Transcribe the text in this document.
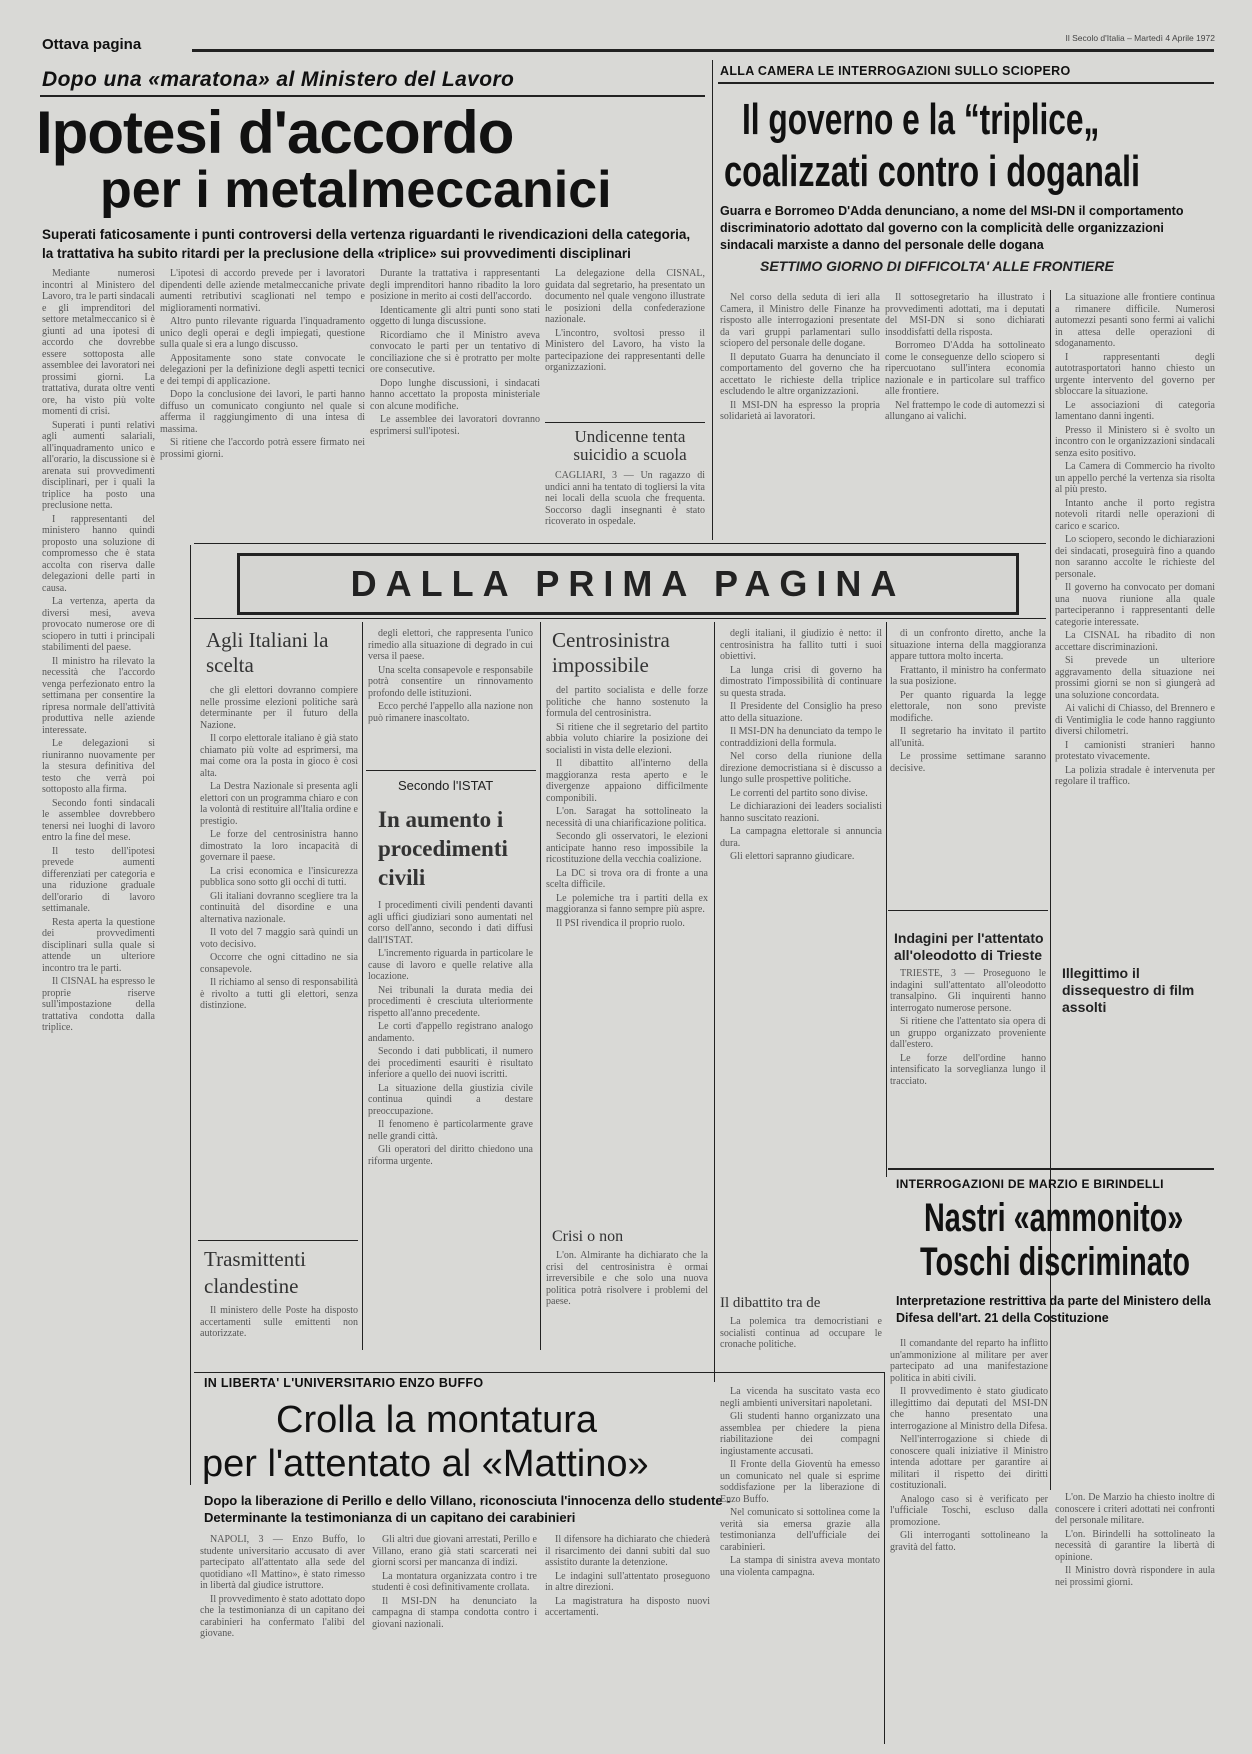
Ottava pagina	Il Secolo d'Italia – Martedì 4 Aprile 1972
Dopo una «maratona» al Ministero del Lavoro
Ipotesi d'accordo
per i metalmeccanici
Superati faticosamente i punti controversi della vertenza riguardanti le rivendicazioni della categoria, la trattativa ha subito ritardi per la preclusione della «triplice» sui provvedimenti disciplinari

Mediante numerosi incontri al Ministero del Lavoro, tra le parti sindacali e gli imprenditori del settore metalmeccanico si è giunti ad una ipotesi di accordo che dovrebbe essere sottoposta alle assemblee dei lavoratori nei prossimi giorni. La trattativa, durata oltre venti ore, ha visto più volte momenti di crisi.

Superati i punti relativi agli aumenti salariali, all'inquadramento unico e all'orario, la discussione si è arenata sui provvedimenti disciplinari, per i quali la triplice ha posto una preclusione netta.

I rappresentanti del ministero hanno quindi proposto una soluzione di compromesso che è stata accolta con riserva dalle delegazioni delle parti in causa.

La vertenza, aperta da diversi mesi, aveva provocato numerose ore di sciopero in tutti i principali stabilimenti del paese.

Il ministro ha rilevato la necessità che l'accordo venga perfezionato entro la settimana per consentire la ripresa normale dell'attività produttiva nelle aziende interessate.

Le delegazioni si riuniranno nuovamente per la stesura definitiva del testo che verrà poi sottoposto alla firma.

Secondo fonti sindacali le assemblee dovrebbero tenersi nei luoghi di lavoro entro la fine del mese.

Il testo dell'ipotesi prevede aumenti differenziati per categoria e una riduzione graduale dell'orario di lavoro settimanale.

Resta aperta la questione dei provvedimenti disciplinari sulla quale si attende un ulteriore incontro tra le parti.

Il CISNAL ha espresso le proprie riserve sull'impostazione della trattativa condotta dalla triplice.

L'ipotesi di accordo prevede per i lavoratori dipendenti delle aziende metalmeccaniche private aumenti retributivi scaglionati nel tempo e miglioramenti normativi.

Altro punto rilevante riguarda l'inquadramento unico degli operai e degli impiegati, questione sulla quale si era a lungo discusso.

Appositamente sono state convocate le delegazioni per la definizione degli aspetti tecnici e dei tempi di applicazione.

Dopo la conclusione dei lavori, le parti hanno diffuso un comunicato congiunto nel quale si afferma il raggiungimento di una intesa di massima.

Si ritiene che l'accordo potrà essere firmato nei prossimi giorni.

Durante la trattativa i rappresentanti degli imprenditori hanno ribadito la loro posizione in merito ai costi dell'accordo.

Identicamente gli altri punti sono stati oggetto di lunga discussione.

Ricordiamo che il Ministro aveva convocato le parti per un tentativo di conciliazione che si è protratto per molte ore consecutive.

Dopo lunghe discussioni, i sindacati hanno accettato la proposta ministeriale con alcune modifiche.

Le assemblee dei lavoratori dovranno esprimersi sull'ipotesi.

La delegazione della CISNAL, guidata dal segretario, ha presentato un documento nel quale vengono illustrate le posizioni della confederazione nazionale.

L'incontro, svoltosi presso il Ministero del Lavoro, ha visto la partecipazione dei rappresentanti delle organizzazioni.

Undicenne tenta suicidio a scuola

CAGLIARI, 3 — Un ragazzo di undici anni ha tentato di togliersi la vita nei locali della scuola che frequenta. Soccorso dagli insegnanti è stato ricoverato in ospedale.

ALLA CAMERA LE INTERROGAZIONI SULLO SCIOPERO
Il governo e la “triplice„
coalizzati contro i doganali
Guarra e Borromeo D'Adda denunciano, a nome del MSI-DN il comportamento discriminatorio adottato dal governo con la complicità delle organizzazioni sindacali marxiste a danno del personale delle dogana
SETTIMO GIORNO DI DIFFICOLTA' ALLE FRONTIERE

Nel corso della seduta di ieri alla Camera, il Ministro delle Finanze ha risposto alle interrogazioni presentate da vari gruppi parlamentari sullo sciopero del personale delle dogane.

Il deputato Guarra ha denunciato il comportamento del governo che ha accettato le richieste della triplice escludendo le altre organizzazioni.

Il MSI-DN ha espresso la propria solidarietà ai lavoratori.

Il sottosegretario ha illustrato i provvedimenti adottati, ma i deputati del MSI-DN si sono dichiarati insoddisfatti della risposta.

Borromeo D'Adda ha sottolineato come le conseguenze dello sciopero si ripercuotano sull'intera economia nazionale e in particolare sul traffico alle frontiere.

Nel frattempo le code di automezzi si allungano ai valichi.

La situazione alle frontiere continua a rimanere difficile. Numerosi automezzi pesanti sono fermi ai valichi in attesa delle operazioni di sdoganamento.

I rappresentanti degli autotrasportatori hanno chiesto un urgente intervento del governo per sbloccare la situazione.

Le associazioni di categoria lamentano danni ingenti.

Presso il Ministero si è svolto un incontro con le organizzazioni sindacali senza esito positivo.

La Camera di Commercio ha rivolto un appello perché la vertenza sia risolta al più presto.

Intanto anche il porto registra notevoli ritardi nelle operazioni di carico e scarico.

Lo sciopero, secondo le dichiarazioni dei sindacati, proseguirà fino a quando non saranno accolte le richieste del personale.

Il governo ha convocato per domani una nuova riunione alla quale parteciperanno i rappresentanti delle categorie interessate.

La CISNAL ha ribadito di non accettare discriminazioni.

Si prevede un ulteriore aggravamento della situazione nei prossimi giorni se non si giungerà ad una soluzione concordata.

Ai valichi di Chiasso, del Brennero e di Ventimiglia le code hanno raggiunto diversi chilometri.

I camionisti stranieri hanno protestato vivacemente.

La polizia stradale è intervenuta per regolare il traffico.

DALLA PRIMA PAGINA
Agli Italiani la scelta

che gli elettori dovranno compiere nelle prossime elezioni politiche sarà determinante per il futuro della Nazione.

Il corpo elettorale italiano è già stato chiamato più volte ad esprimersi, ma mai come ora la posta in gioco è così alta.

La Destra Nazionale si presenta agli elettori con un programma chiaro e con la volontà di restituire all'Italia ordine e prestigio.

Le forze del centrosinistra hanno dimostrato la loro incapacità di governare il paese.

La crisi economica e l'insicurezza pubblica sono sotto gli occhi di tutti.

Gli italiani dovranno scegliere tra la continuità del disordine e una alternativa nazionale.

Il voto del 7 maggio sarà quindi un voto decisivo.

Occorre che ogni cittadino ne sia consapevole.

Il richiamo al senso di responsabilità è rivolto a tutti gli elettori, senza distinzione.

Trasmittenti clandestine

Il ministero delle Poste ha disposto accertamenti sulle emittenti non autorizzate.

degli elettori, che rappresenta l'unico rimedio alla situazione di degrado in cui versa il paese.

Una scelta consapevole e responsabile potrà consentire un rinnovamento profondo delle istituzioni.

Ecco perché l'appello alla nazione non può rimanere inascoltato.

Secondo l'ISTAT
In aumento i procedimenti civili

I procedimenti civili pendenti davanti agli uffici giudiziari sono aumentati nel corso dell'anno, secondo i dati diffusi dall'ISTAT.

L'incremento riguarda in particolare le cause di lavoro e quelle relative alla locazione.

Nei tribunali la durata media dei procedimenti è cresciuta ulteriormente rispetto all'anno precedente.

Le corti d'appello registrano analogo andamento.

Secondo i dati pubblicati, il numero dei procedimenti esauriti è risultato inferiore a quello dei nuovi iscritti.

La situazione della giustizia civile continua quindi a destare preoccupazione.

Il fenomeno è particolarmente grave nelle grandi città.

Gli operatori del diritto chiedono una riforma urgente.

Centrosinistra impossibile

del partito socialista e delle forze politiche che hanno sostenuto la formula del centrosinistra.

Si ritiene che il segretario del partito abbia voluto chiarire la posizione dei socialisti in vista delle elezioni.

Il dibattito all'interno della maggioranza resta aperto e le divergenze appaiono difficilmente componibili.

L'on. Saragat ha sottolineato la necessità di una chiarificazione politica.

Secondo gli osservatori, le elezioni anticipate hanno reso impossibile la ricostituzione della vecchia coalizione.

La DC si trova ora di fronte a una scelta difficile.

Le polemiche tra i partiti della ex maggioranza si fanno sempre più aspre.

Il PSI rivendica il proprio ruolo.

Crisi o non

L'on. Almirante ha dichiarato che la crisi del centrosinistra è ormai irreversibile e che solo una nuova politica potrà risolvere i problemi del paese.

degli italiani, il giudizio è netto: il centrosinistra ha fallito tutti i suoi obiettivi.

La lunga crisi di governo ha dimostrato l'impossibilità di continuare su questa strada.

Il Presidente del Consiglio ha preso atto della situazione.

Il MSI-DN ha denunciato da tempo le contraddizioni della formula.

Nel corso della riunione della direzione democristiana si è discusso a lungo sulle prospettive politiche.

Le correnti del partito sono divise.

Le dichiarazioni dei leaders socialisti hanno suscitato reazioni.

La campagna elettorale si annuncia dura.

Gli elettori sapranno giudicare.

Il dibattito tra de

La polemica tra democristiani e socialisti continua ad occupare le cronache politiche.

di un confronto diretto, anche la situazione interna della maggioranza appare tuttora molto incerta.

Frattanto, il ministro ha confermato la sua posizione.

Per quanto riguarda la legge elettorale, non sono previste modifiche.

Il segretario ha invitato il partito all'unità.

Le prossime settimane saranno decisive.

Indagini per l'attentato all'oleodotto di Trieste

TRIESTE, 3 — Proseguono le indagini sull'attentato all'oleodotto transalpino. Gli inquirenti hanno interrogato numerose persone.

Si ritiene che l'attentato sia opera di un gruppo organizzato proveniente dall'estero.

Le forze dell'ordine hanno intensificato la sorveglianza lungo il tracciato.

Illegittimo il dissequestro di film assolti
INTERROGAZIONI DE MARZIO E BIRINDELLI
Nastri «ammonito»
Toschi discriminato
Interpretazione restrittiva da parte del Ministero della Difesa dell'art. 21 della Costituzione

Il comandante del reparto ha inflitto un'ammonizione al militare per aver partecipato ad una manifestazione politica in abiti civili.

Il provvedimento è stato giudicato illegittimo dai deputati del MSI-DN che hanno presentato una interrogazione al Ministro della Difesa.

Nell'interrogazione si chiede di conoscere quali iniziative il Ministro intenda adottare per garantire ai militari il rispetto dei diritti costituzionali.

Analogo caso si è verificato per l'ufficiale Toschi, escluso dalla promozione.

Gli interroganti sottolineano la gravità del fatto.

L'on. De Marzio ha chiesto inoltre di conoscere i criteri adottati nei confronti del personale militare.

L'on. Birindelli ha sottolineato la necessità di garantire la libertà di opinione.

Il Ministro dovrà rispondere in aula nei prossimi giorni.

IN LIBERTA' L'UNIVERSITARIO ENZO BUFFO
Crolla la montatura
per l'attentato al «Mattino»
Dopo la liberazione di Perillo e dello Villano, riconosciuta l'innocenza dello studente - Determinante la testimonianza di un capitano dei carabinieri

NAPOLI, 3 — Enzo Buffo, lo studente universitario accusato di aver partecipato all'attentato alla sede del quotidiano «Il Mattino», è stato rimesso in libertà dal giudice istruttore.

Il provvedimento è stato adottato dopo che la testimonianza di un capitano dei carabinieri ha confermato l'alibi del giovane.

Gli altri due giovani arrestati, Perillo e Villano, erano già stati scarcerati nei giorni scorsi per mancanza di indizi.

La montatura organizzata contro i tre studenti è così definitivamente crollata.

Il MSI-DN ha denunciato la campagna di stampa condotta contro i giovani nazionali.

Il difensore ha dichiarato che chiederà il risarcimento dei danni subiti dal suo assistito durante la detenzione.

Le indagini sull'attentato proseguono in altre direzioni.

La magistratura ha disposto nuovi accertamenti.

La vicenda ha suscitato vasta eco negli ambienti universitari napoletani.

Gli studenti hanno organizzato una assemblea per chiedere la piena riabilitazione dei compagni ingiustamente accusati.

Il Fronte della Gioventù ha emesso un comunicato nel quale si esprime soddisfazione per la liberazione di Enzo Buffo.

Nel comunicato si sottolinea come la verità sia emersa grazie alla testimonianza dell'ufficiale dei carabinieri.

La stampa di sinistra aveva montato una violenta campagna.
